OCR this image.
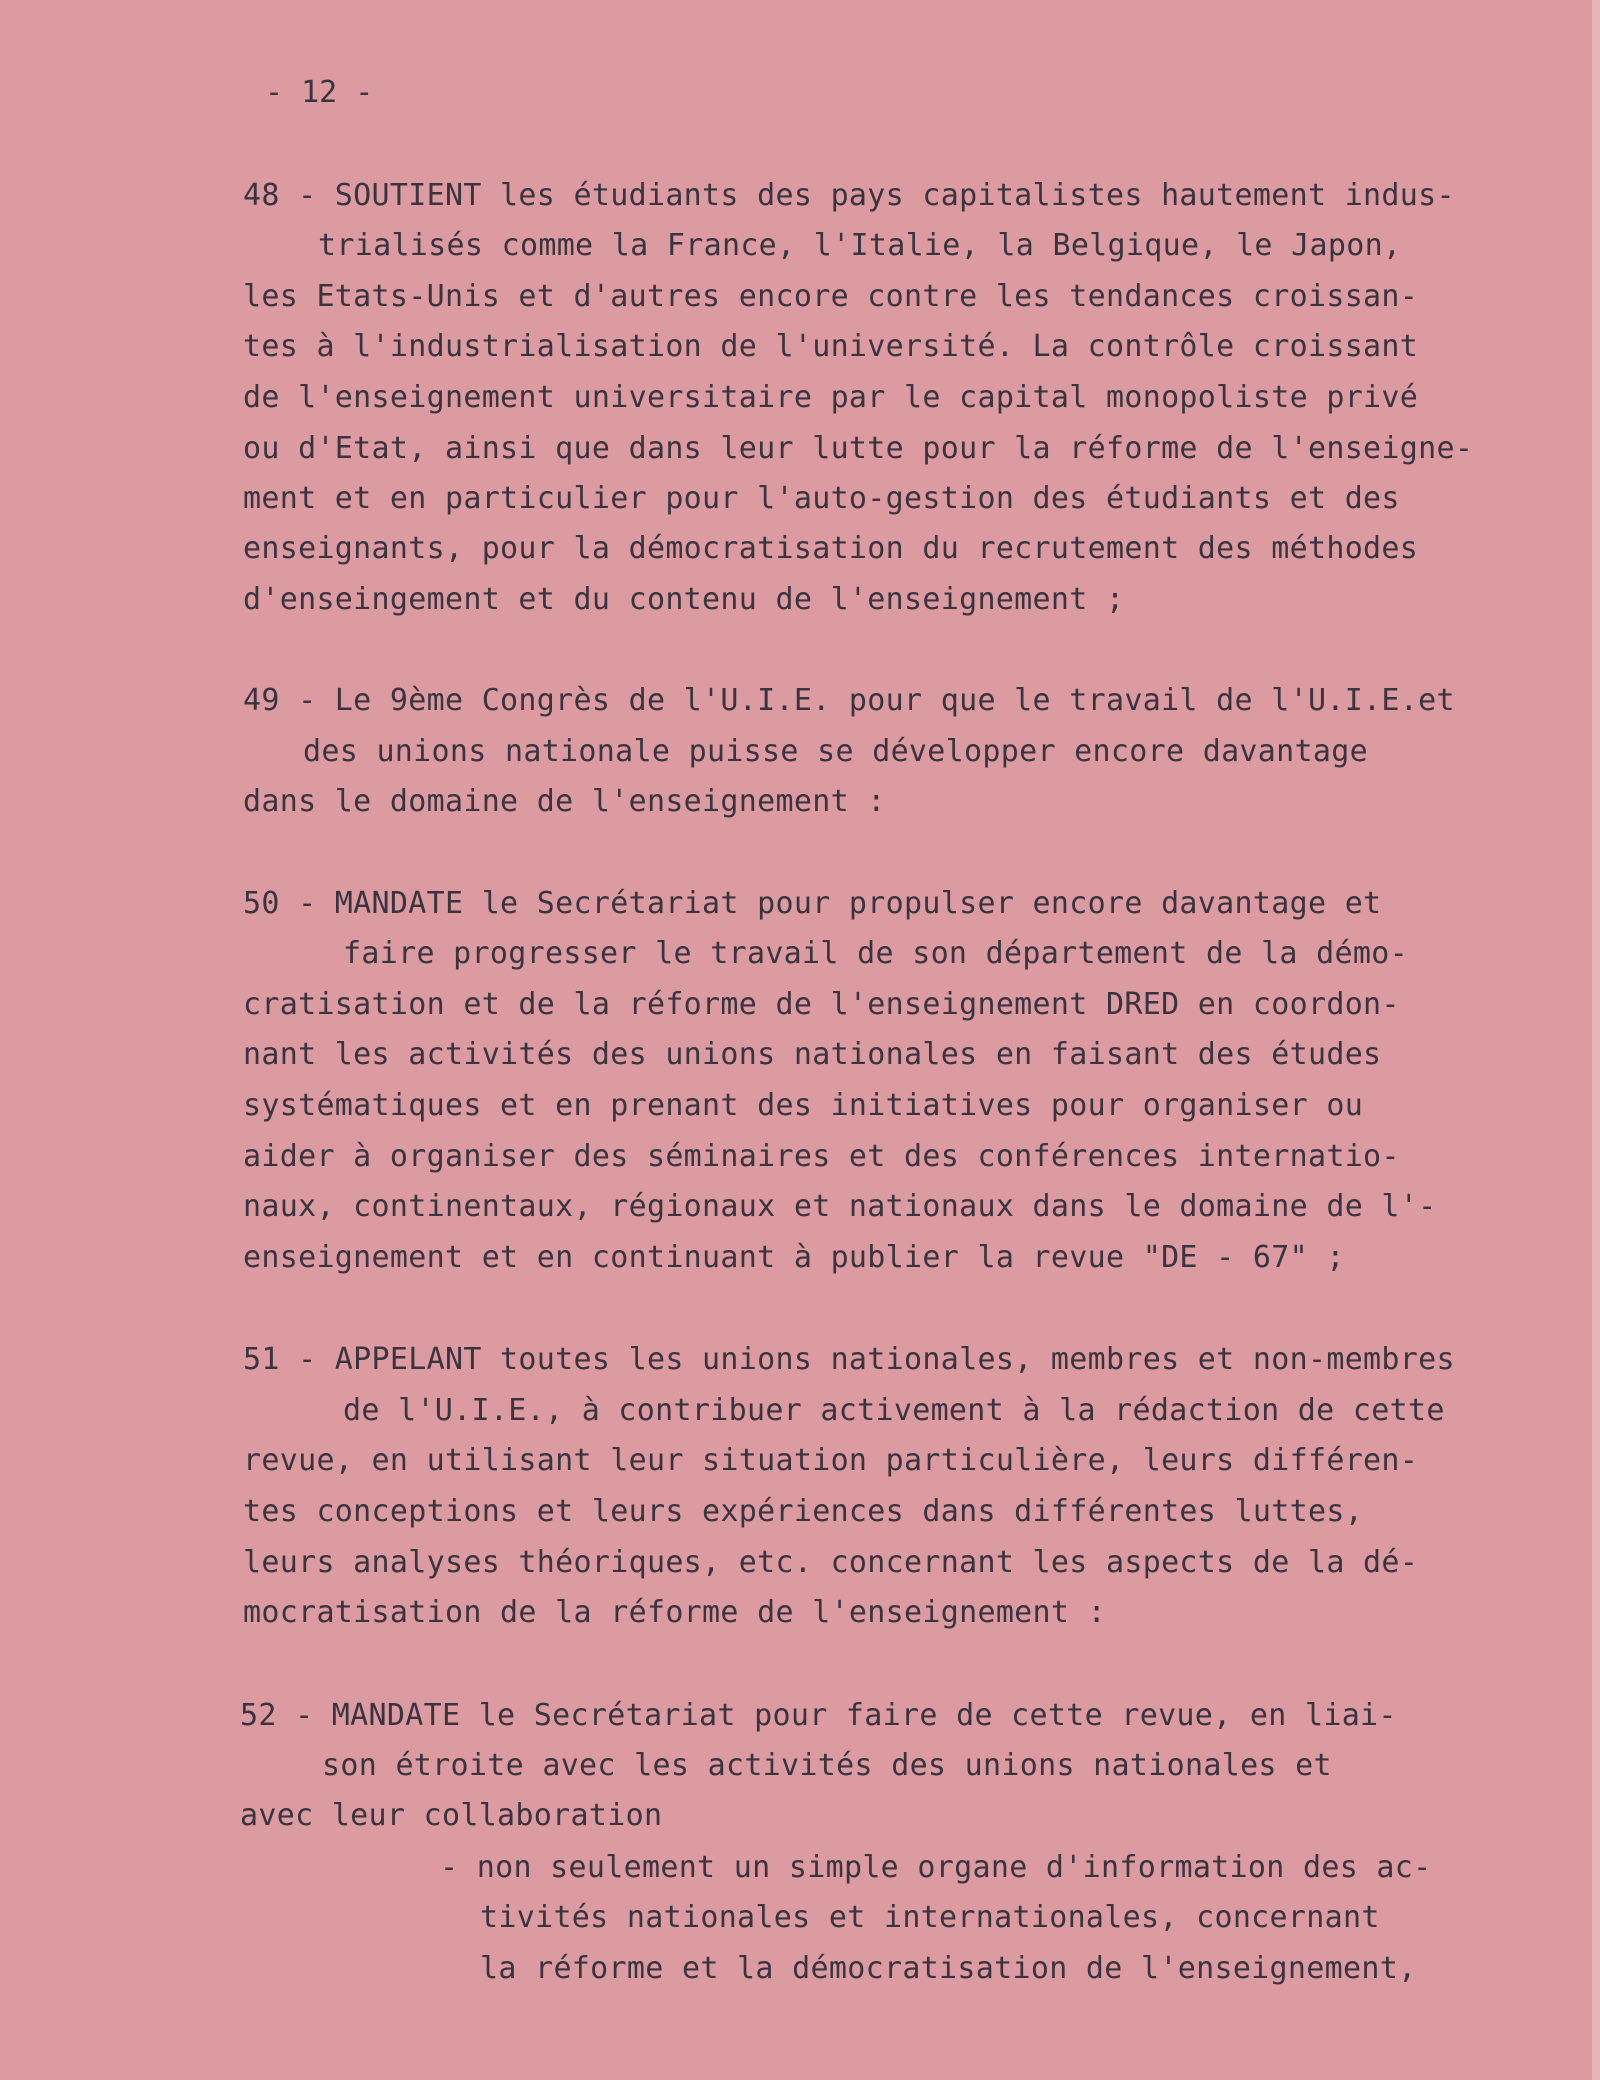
- 12 -
48 - SOUTIENT les étudiants des pays capitalistes hautement indus-
trialisés comme la France, l'Italie, la Belgique, le Japon,
les Etats-Unis et d'autres encore contre les tendances croissan-
tes à l'industrialisation de l'université. La contrôle croissant
de l'enseignement universitaire par le capital monopoliste privé
ou d'Etat, ainsi que dans leur lutte pour la réforme de l'enseigne-
ment et en particulier pour l'auto-gestion des étudiants et des
enseignants, pour la démocratisation du recrutement des méthodes
d'enseingement et du contenu de l'enseignement ;
49 - Le 9ème Congrès de l'U.I.E. pour que le travail de l'U.I.E.et
des unions nationale puisse se développer encore davantage
dans le domaine de l'enseignement :
50 - MANDATE le Secrétariat pour propulser encore davantage et
faire progresser le travail de son département de la démo-
cratisation et de la réforme de l'enseignement DRED en coordon-
nant les activités des unions nationales en faisant des études
systématiques et en prenant des initiatives pour organiser ou
aider à organiser des séminaires et des conférences internatio-
naux, continentaux, régionaux et nationaux dans le domaine de l'-
enseignement et en continuant à publier la revue "DE - 67" ;
51 - APPELANT toutes les unions nationales, membres et non-membres
de l'U.I.E., à contribuer activement à la rédaction de cette
revue, en utilisant leur situation particulière, leurs différen-
tes conceptions et leurs expériences dans différentes luttes,
leurs analyses théoriques, etc. concernant les aspects de la dé-
mocratisation de la réforme de l'enseignement :
52 - MANDATE le Secrétariat pour faire de cette revue, en liai-
son étroite avec les activités des unions nationales et
avec leur collaboration
- non seulement un simple organe d'information des ac-
tivités nationales et internationales, concernant
la réforme et la démocratisation de l'enseignement,
